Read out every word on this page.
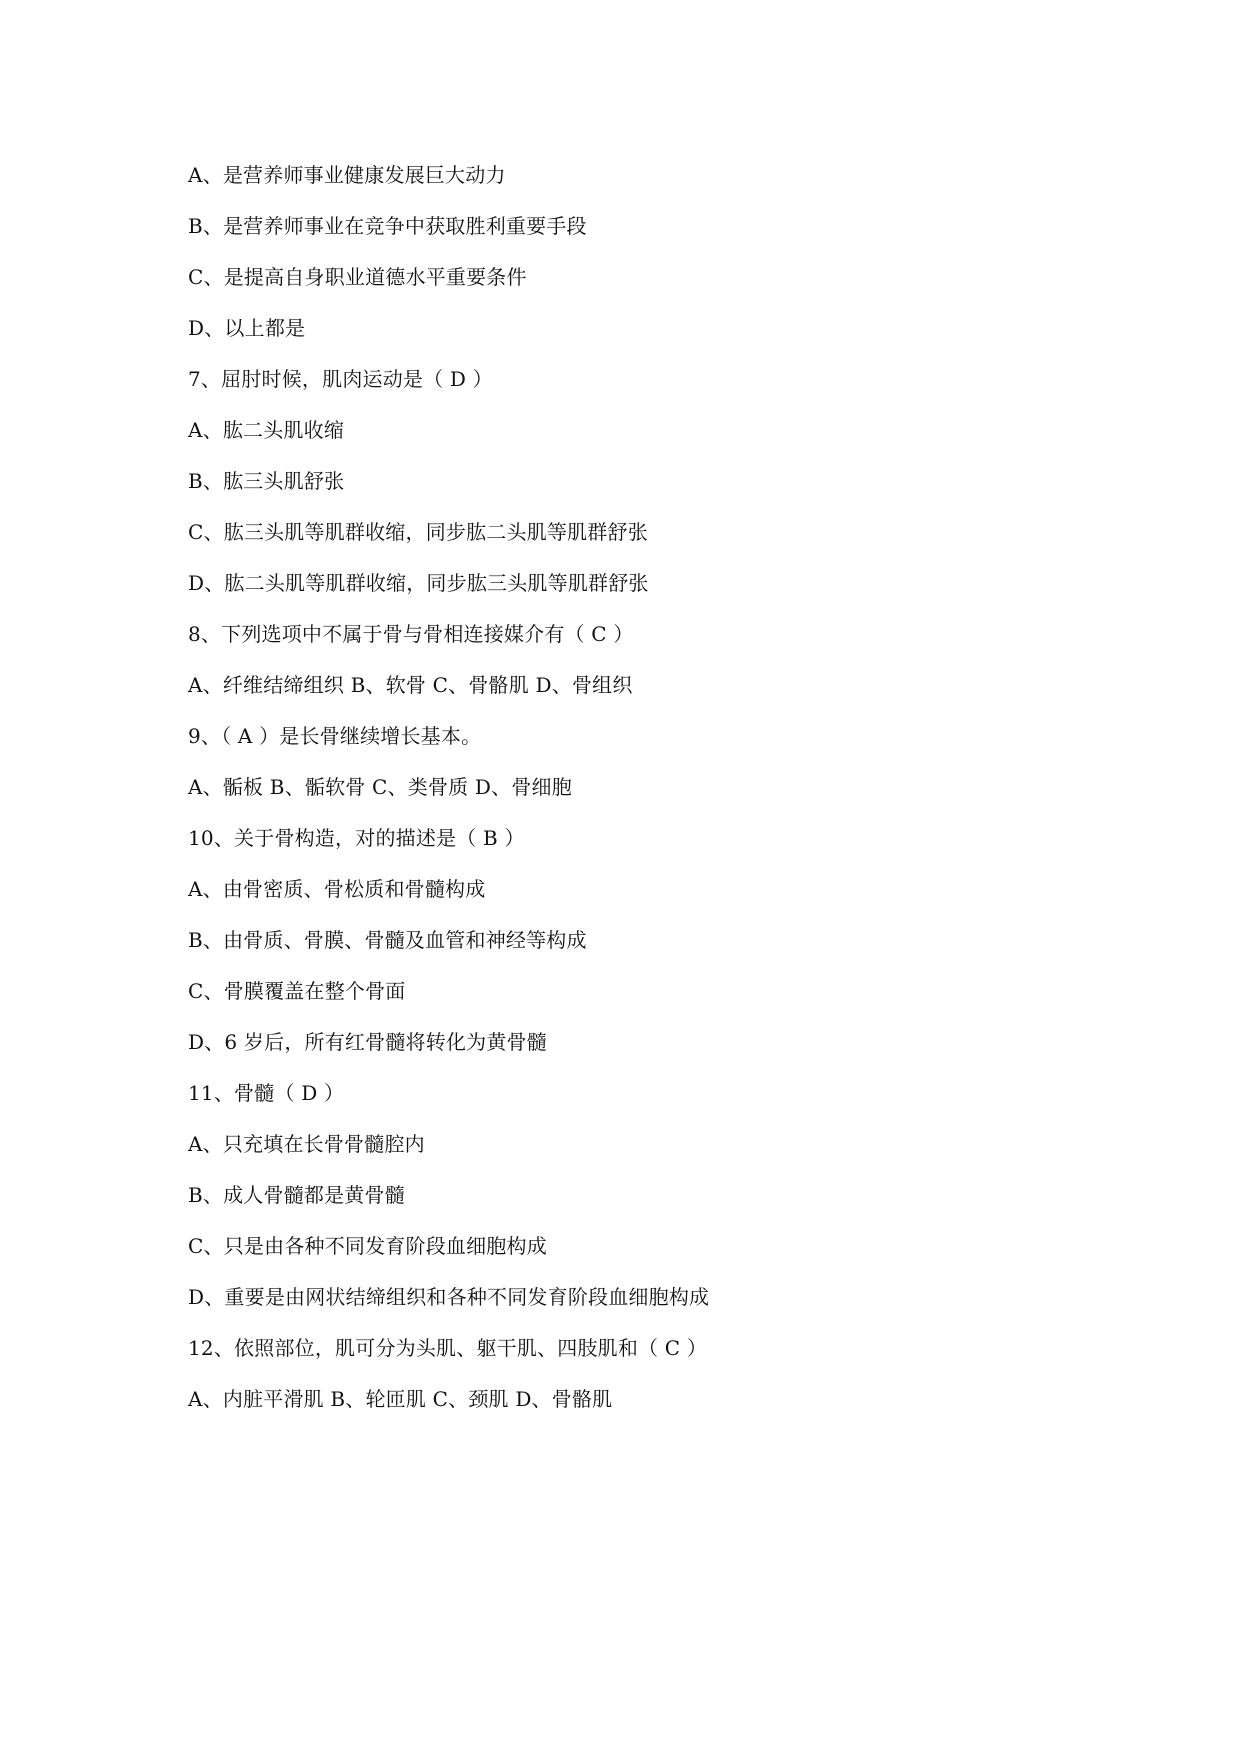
A、是营养师事业健康发展巨大动力
B、是营养师事业在竞争中获取胜利重要手段
C、是提高自身职业道德水平重要条件
D、以上都是
7、屈肘时候，肌肉运动是（ D ）
A、肱二头肌收缩
B、肱三头肌舒张
C、肱三头肌等肌群收缩，同步肱二头肌等肌群舒张
D、肱二头肌等肌群收缩，同步肱三头肌等肌群舒张
8、下列选项中不属于骨与骨相连接媒介有（ C ）
A、纤维结缔组织 B、软骨 C、骨骼肌 D、骨组织
9、（ A ）是长骨继续增长基本。
A、骺板 B、骺软骨 C、类骨质 D、骨细胞
10、关于骨构造，对的描述是（ B ）
A、由骨密质、骨松质和骨髓构成
B、由骨质、骨膜、骨髓及血管和神经等构成
C、骨膜覆盖在整个骨面
D、6 岁后，所有红骨髓将转化为黄骨髓
11、骨髓（ D ）
A、只充填在长骨骨髓腔内
B、成人骨髓都是黄骨髓
C、只是由各种不同发育阶段血细胞构成
D、重要是由网状结缔组织和各种不同发育阶段血细胞构成
12、依照部位，肌可分为头肌、躯干肌、四肢肌和（ C ）
A、内脏平滑肌 B、轮匝肌 C、颈肌 D、骨骼肌
